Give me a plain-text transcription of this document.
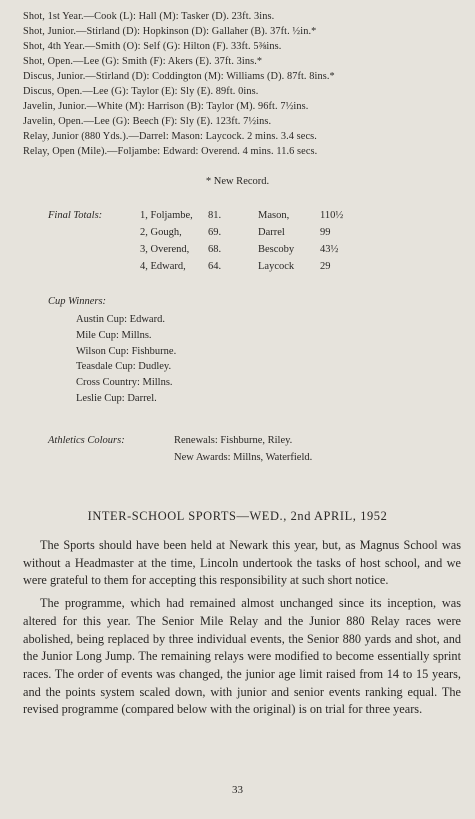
Shot, 1st Year.—Cook (L): Hall (M): Tasker (D). 23ft. 3ins.
Shot, Junior.—Stirland (D): Hopkinson (D): Gallaher (B). 37ft. ½in.*
Shot, 4th Year.—Smith (O): Self (G): Hilton (F). 33ft. 5⅜ins.
Shot, Open.—Lee (G): Smith (F): Akers (E). 37ft. 3ins.*
Discus, Junior.—Stirland (D): Coddington (M): Williams (D). 87ft. 8ins.*
Discus, Open.—Lee (G): Taylor (E): Sly (E). 89ft. 0ins.
Javelin, Junior.—White (M): Harrison (B): Taylor (M). 96ft. 7½ins.
Javelin, Open.—Lee (G): Beech (F): Sly (E). 123ft. 7½ins.
Relay, Junior (880 Yds.).—Darrel: Mason: Laycock. 2 mins. 3.4 secs.
Relay, Open (Mile).—Foljambe: Edward: Overend. 4 mins. 11.6 secs.
* New Record.
Final Totals:	1, Foljambe, 81.	Mason,	110½
2, Gough,	69.	Darrel	99
3, Overend, 68.	Bescoby 43½
4, Edward, 64.	Laycock 29
Cup Winners:
Austin Cup: Edward.
Mile Cup: Millns.
Wilson Cup: Fishburne.
Teasdale Cup: Dudley.
Cross Country: Millns.
Leslie Cup: Darrel.
Athletics Colours:	Renewals: Fishburne, Riley.
New Awards: Millns, Waterfield.
INTER-SCHOOL SPORTS—WED., 2nd APRIL, 1952

The Sports should have been held at Newark this year, but, as Magnus School was without a Headmaster at the time, Lincoln undertook the tasks of host school, and we were grateful to them for accepting this responsibility at such short notice.

The programme, which had remained almost unchanged since its inception, was altered for this year. The Senior Mile Relay and the Junior 880 Relay races were abolished, being replaced by three individual events, the Senior 880 yards and shot, and the Junior Long Jump. The remaining relays were modified to become essentially sprint races. The order of events was changed, the junior age limit raised from 14 to 15 years, and the points system scaled down, with junior and senior events ranking equal. The revised programme (compared below with the original) is on trial for three years.

33
